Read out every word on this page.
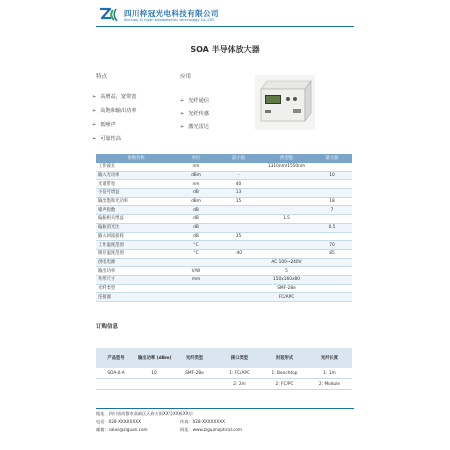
四川梓冠光电科技有限公司
Sichuan Zi Guan photoelectric technology Co.,LTD
SOA 半导体放大器
特点
➢ 高增益，宽带宽
➢ 高饱和输出功率
➢ 低噪声
➢ 可靠性高
应用
➢ 光纤通信
➢ 光纤传感
➢ 激光雷达
参数名称	单位	最小值	典型值	最大值
工作波长	nm		1310nm/1550nm	
输入光功率	dBm	-		10
光谱带宽	nm	40		
小信号增益	dB	13		
输出饱和光功率	dBm	15		18
噪声指数	dB			7
偏振相关增益	dB		1.5	
偏振消光比	dB			0.5
输入回波损耗	dB	35		
工作温度范围	°C			70
储存温度范围	°C	-40		85
供电电源			AC 100~240V	
输出功率	V/W		5	
外形尺寸	mm		150x160x80	
光纤类型			SMF-28e	
连接器			FC/APC	
订购信息
产品型号	输出功率 (dBm)	光纤类型	接口类型	封装形式	光纤长度
SOA-X-A	10	SMF-28e	1: FC/APC	1: Benchtop	1: 1m
			2: 2m	2: FC/PC	2: Module
地址：四川省成都市高新区天府五街XX号XX栋XX层
电话：028-XXXXXXXX	传真：028-XXXXXXXX
邮箱：sales@ziguan.com	网址：www.ziguanoptical.com
